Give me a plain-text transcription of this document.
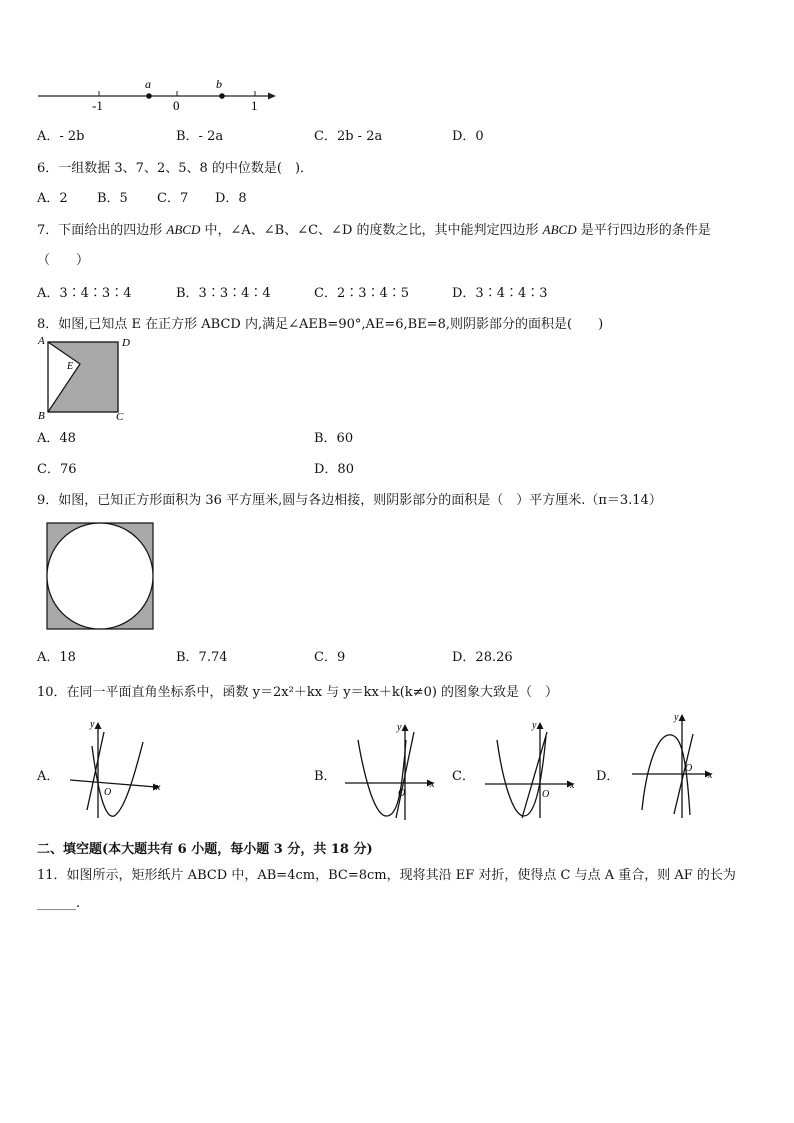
a	b
-1	0	1
A．- 2b	B．- 2a	C．2b - 2a	D．0
6．一组数据 3、7、2、5、8 的中位数是(　)．
A．2 B．5 C．7 D．8
7．下面给出的四边形 ABCD 中，∠A、∠B、∠C、∠D 的度数之比，其中能判定四边形 ABCD 是平行四边形的条件是
（　　）
A．3∶4∶3∶4	B．3∶3∶4∶4	C．2∶3∶4∶5	D．3∶4∶4∶3
8．如图,已知点 E 在正方形 ABCD 内,满足∠AEB=90°,AE=6,BE=8,则阴影部分的面积是(　　)
A	D
B	C
E
A．48	B．60
C．76	D．80
9．如图，已知正方形面积为 36 平方厘米,圆与各边相接，则阴影部分的面积是（　）平方厘米.（π＝3.14）
A．18	B．7.74	C．9	D．28.26
10．在同一平面直角坐标系中，函数 y＝2x²＋kx 与 y＝kx＋k(k≠0) 的图象大致是（　）
A．	B．	C．	D．
x
y
O
x
y
O
x
y
O
x
y
O
二、填空题(本大题共有 6 小题，每小题 3 分，共 18 分)
11．如图所示，矩形纸片 ABCD 中，AB=4cm，BC=8cm，现将其沿 EF 对折，使得点 C 与点 A 重合，则 AF 的长为
______.
